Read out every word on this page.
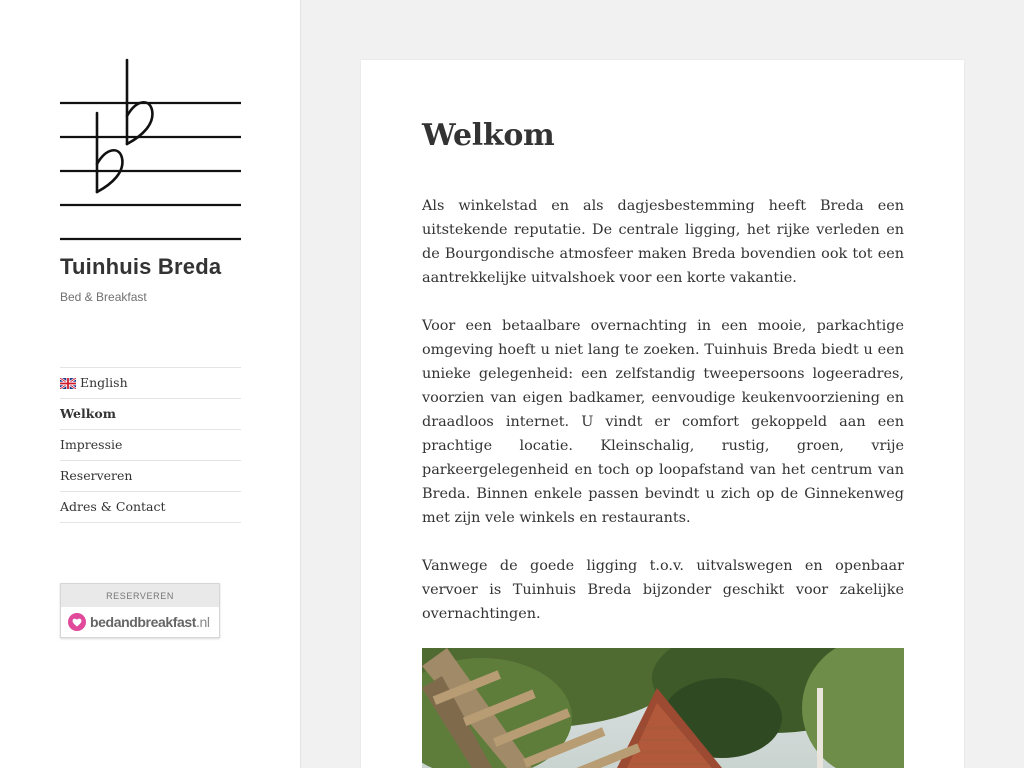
Tuinhuis Breda
Bed & Breakfast
English
Welkom
Impressie
Reserveren
Adres & Contact
RESERVEREN
bedandbreakfast.nl
Welkom

Als winkelstad en als dagjesbestemming heeft Breda een uitstekende reputatie. De centrale ligging, het rijke verleden en de Bourgondische atmosfeer maken Breda bovendien ook tot een aantrekkelijke uitvalshoek voor een korte vakantie.

Voor een betaalbare overnachting in een mooie, parkachtige omgeving hoeft u niet lang te zoeken. Tuinhuis Breda biedt u een unieke gelegenheid: een zelfstandig tweepersoons logeeradres, voorzien van eigen badkamer, eenvoudige keukenvoorziening en draadloos internet. U vindt er comfort gekoppeld aan een prachtige locatie. Kleinschalig, rustig, groen, vrije parkeergelegenheid en toch op loopafstand van het centrum van Breda. Binnen enkele passen bevindt u zich op de Ginnekenweg met zijn vele winkels en restaurants.

Vanwege de goede ligging t.o.v. uitvalswegen en openbaar vervoer is Tuinhuis Breda bijzonder geschikt voor zakelijke overnachtingen.
